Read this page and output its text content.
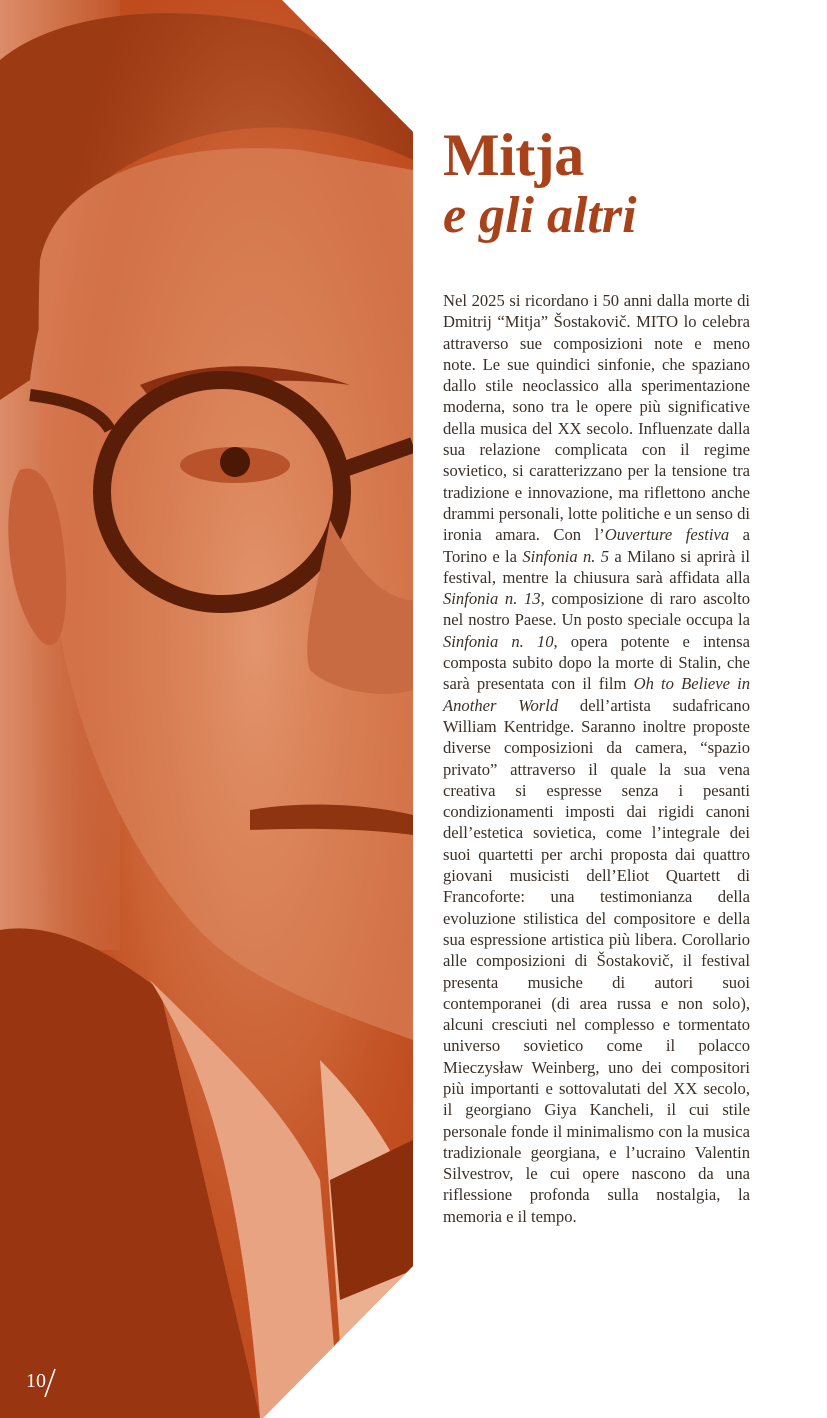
Mitja
e gli altri

Nel 2025 si ricordano i 50 anni dalla morte di Dmitrij “Mitja” Šostakovič. MITO lo celebra attraverso sue composizioni note e meno note. Le sue quindici sinfonie, che spaziano dallo stile neoclassico alla sperimentazione moderna, sono tra le opere più significative della musica del XX secolo. Influenzate dalla sua relazione complicata con il regime sovietico, si caratterizzano per la tensione tra tradizione e innovazione, ma riflettono anche drammi personali, lotte politiche e un senso di ironia amara. Con l’Ouverture festiva a Torino e la Sinfonia n. 5 a Milano si aprirà il festival, mentre la chiusura sarà affidata alla Sinfonia n. 13, composizione di raro ascolto nel nostro Paese. Un posto speciale occupa la Sinfonia n. 10, opera potente e intensa composta subito dopo la morte di Stalin, che sarà presentata con il film Oh to Believe in Another World dell’artista sudafricano William Kentridge. Saranno inoltre proposte diverse composizioni da camera, “spazio privato” attraverso il quale la sua vena creativa si espresse senza i pesanti condizionamenti imposti dai rigidi canoni dell’estetica sovietica, come l’integrale dei suoi quartetti per archi proposta dai quattro giovani musicisti dell’Eliot Quartett di Francoforte: una testimonianza della evoluzione stilistica del compositore e della sua espressione artistica più libera. Corollario alle composizioni di Šostakovič, il festival presenta musiche di autori suoi contemporanei (di area russa e non solo), alcuni cresciuti nel complesso e tormentato universo sovietico come il polacco Mieczysław Weinberg, uno dei compositori più importanti e sottovalutati del XX secolo, il georgiano Giya Kancheli, il cui stile personale fonde il minimalismo con la musica tradizionale georgiana, e l’ucraino Valentin Silvestrov, le cui opere nascono da una riflessione profonda sulla nostalgia, la memoria e il tempo.

10
